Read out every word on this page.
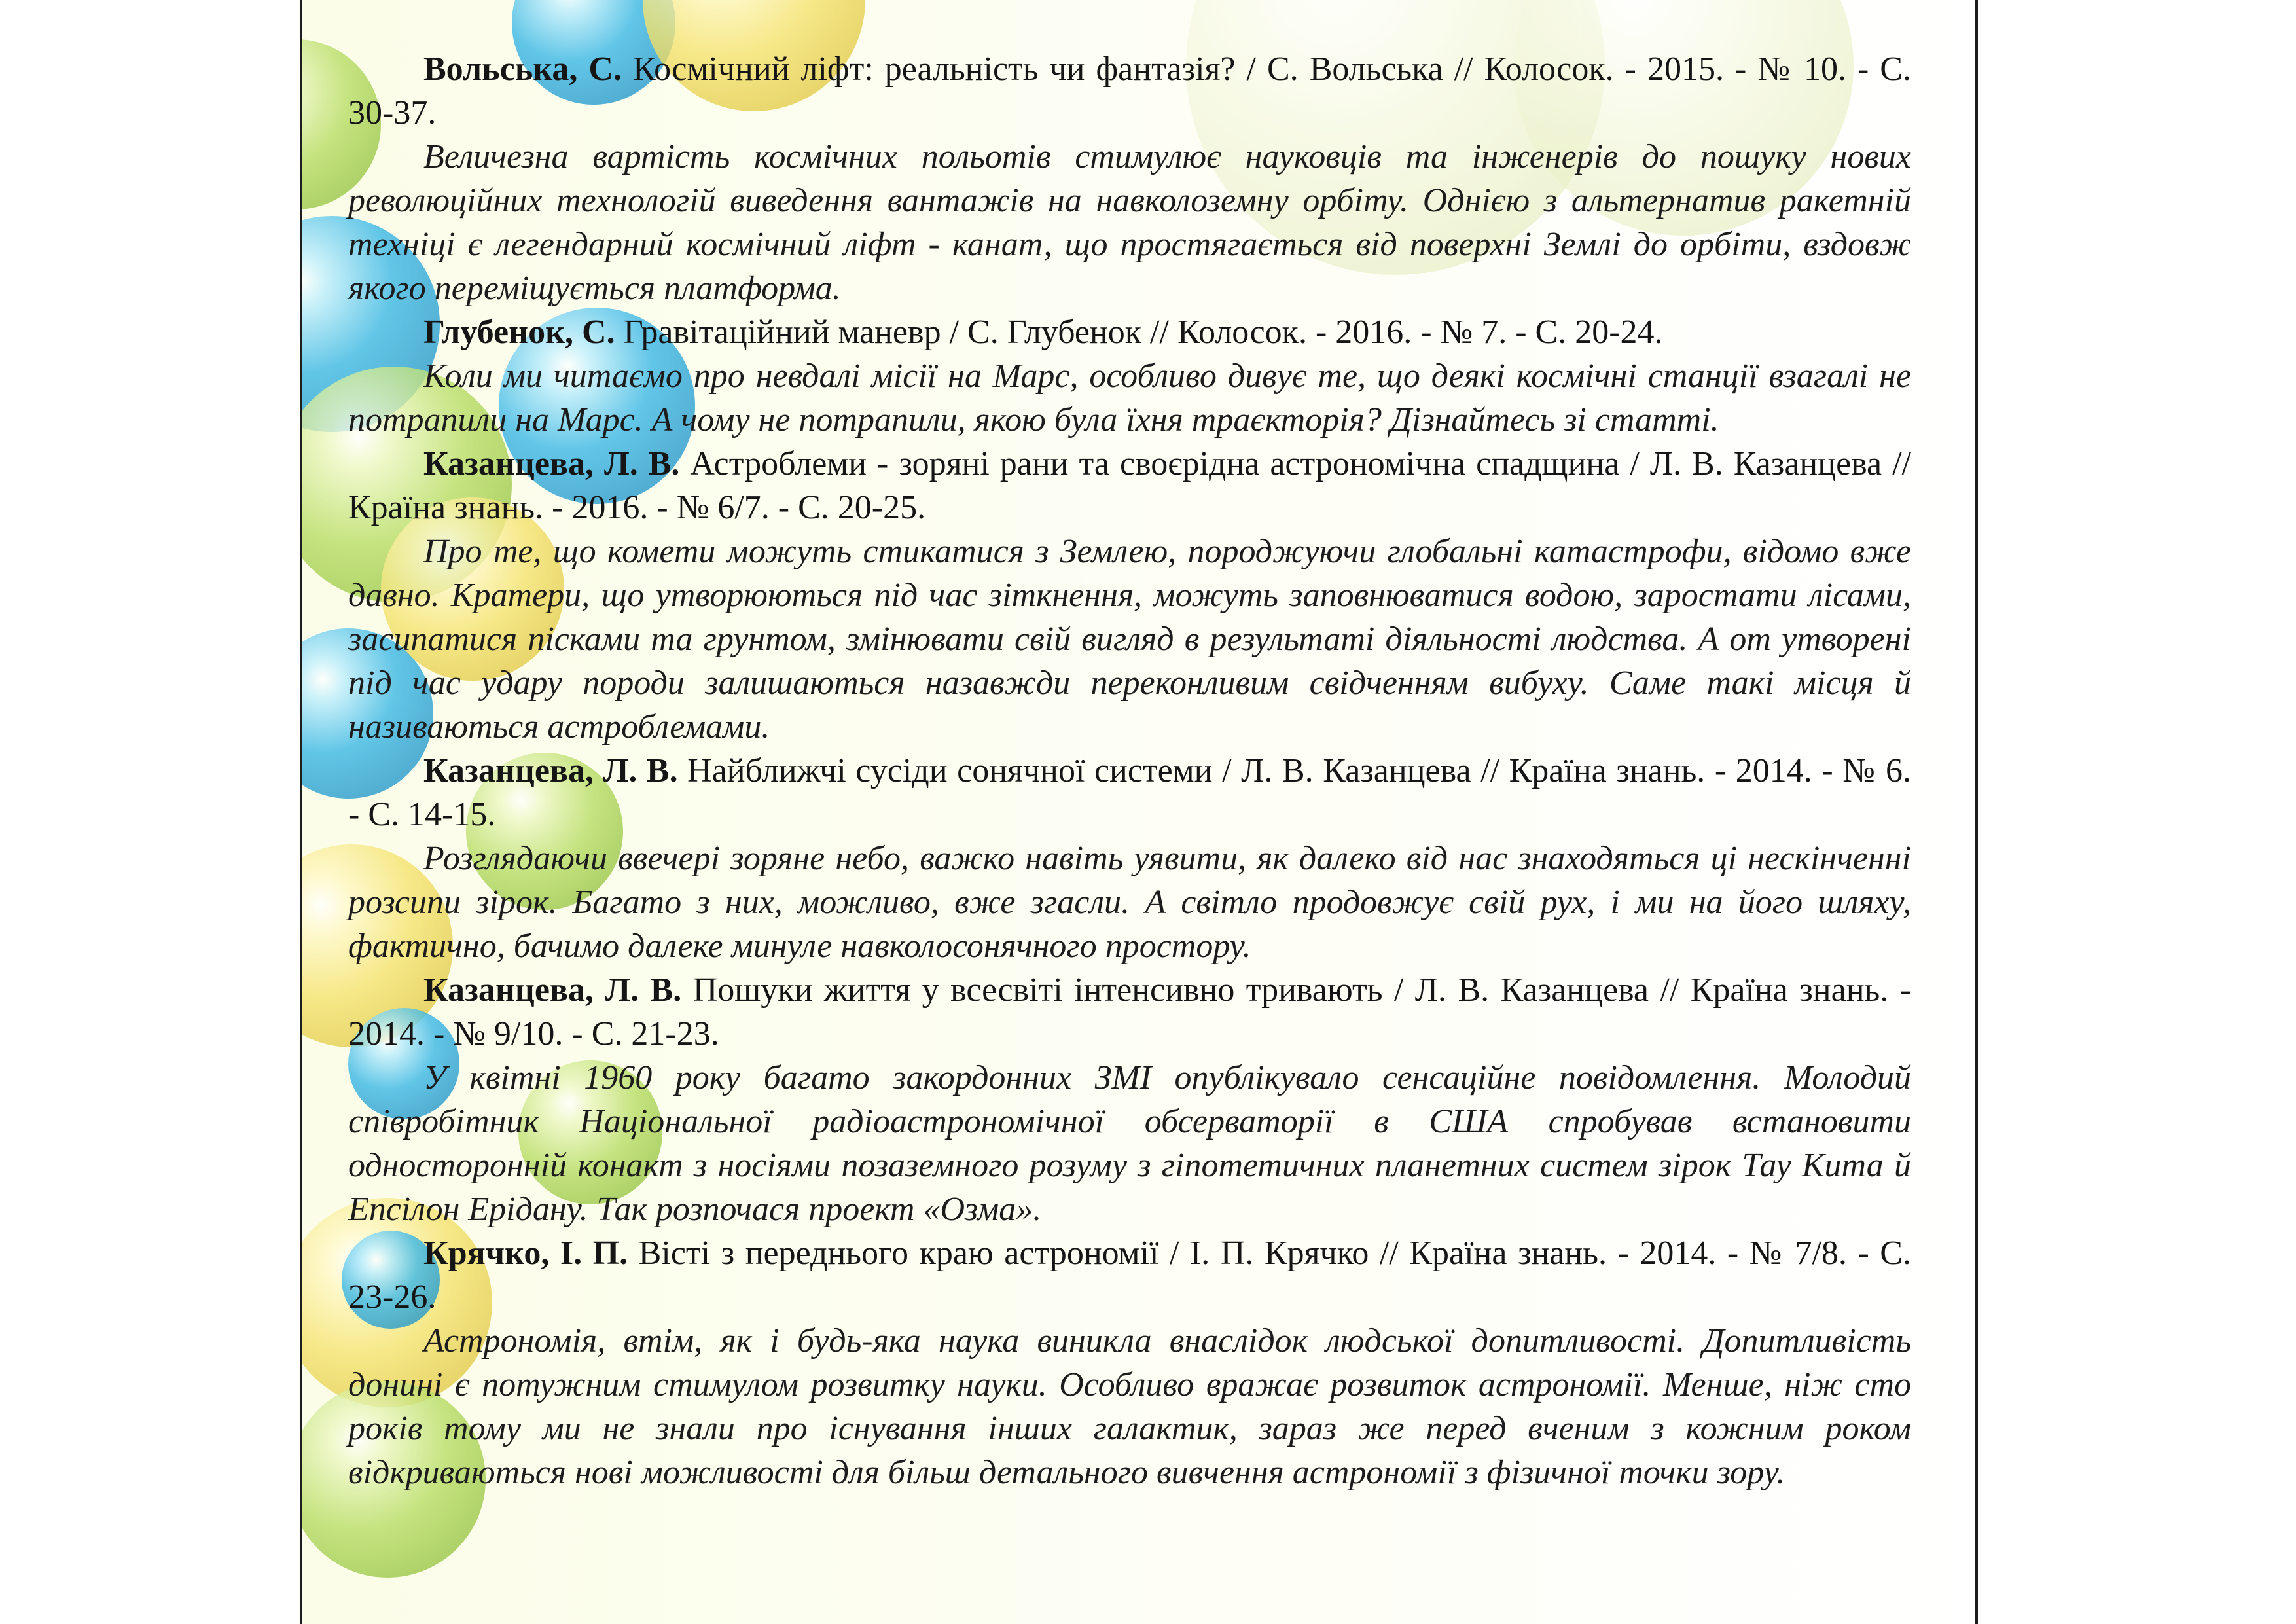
Вольська, С. Космічний ліфт: реальність чи фантазія? / С. Вольська // Колосок. - 2015. - № 10. - С. 30-37.

Величезна вартість космічних польотів стимулює науковців та інженерів до пошуку нових революційних технологій виведення вантажів на навколоземну орбіту. Однією з альтернатив ракетній техніці є легендарний космічний ліфт - канат, що простягається від поверхні Землі до орбіти, вздовж якого переміщується платформа.

Глубенок, С. Гравітаційний маневр / С. Глубенок // Колосок. - 2016. - № 7. - С. 20-24.

Коли ми читаємо про невдалі місії на Марс, особливо дивує те, що деякі космічні станції взагалі не потрапили на Марс. А чому не потрапили, якою була їхня траєкторія? Дізнайтесь зі статті.

Казанцева, Л. В. Астроблеми - зоряні рани та своєрідна астрономічна спадщина / Л. В. Казанцева // Країна знань. - 2016. - № 6/7. - С. 20-25.

Про те, що комети можуть стикатися з Землею, породжуючи глобальні катастрофи, відомо вже давно. Кратери, що утворюються під час зіткнення, можуть заповнюватися водою, заростати лісами, засипатися пісками та грунтом, змінювати свій вигляд в результаті діяльності людства. А от утворені під час удару породи залишаються назавжди переконливим свідченням вибуху. Саме такі місця й називаються астроблемами.

Казанцева, Л. В. Найближчі сусіди сонячної системи / Л. В. Казанцева // Країна знань. - 2014. - № 6. - С. 14-15.

Розглядаючи ввечері зоряне небо, важко навіть уявити, як далеко від нас знаходяться ці нескінченні розсипи зірок. Багато з них, можливо, вже згасли. А світло продовжує свій рух, і ми на його шляху, фактично, бачимо далеке минуле навколосонячного простору.

Казанцева, Л. В. Пошуки життя у всесвіті інтенсивно тривають / Л. В. Казанцева // Країна знань. - 2014. - № 9/10. - С. 21-23.

У квітні 1960 року багато закордонних ЗМІ опублікувало сенсаційне повідомлення. Молодий співробітник Національної радіоастрономічної обсерваторії в США спробував встановити односторонній конакт з носіями позаземного розуму з гіпотетичних планетних систем зірок Тау Кита й Епсілон Ерідану. Так розпочася проект «Озма».

Крячко, І. П. Вісті з переднього краю астрономії / І. П. Крячко // Країна знань. - 2014. - № 7/8. - С. 23-26.

Астрономія, втім, як і будь-яка наука виникла внаслідок людської допитливості. Допитливість донині є потужним стимулом розвитку науки. Особливо вражає розвиток астрономії. Менше, ніж сто років тому ми не знали про існування інших галактик, зараз же перед вченим з кожним роком відкриваються нові можливості для більш детального вивчення астрономії з фізичної точки зору.
